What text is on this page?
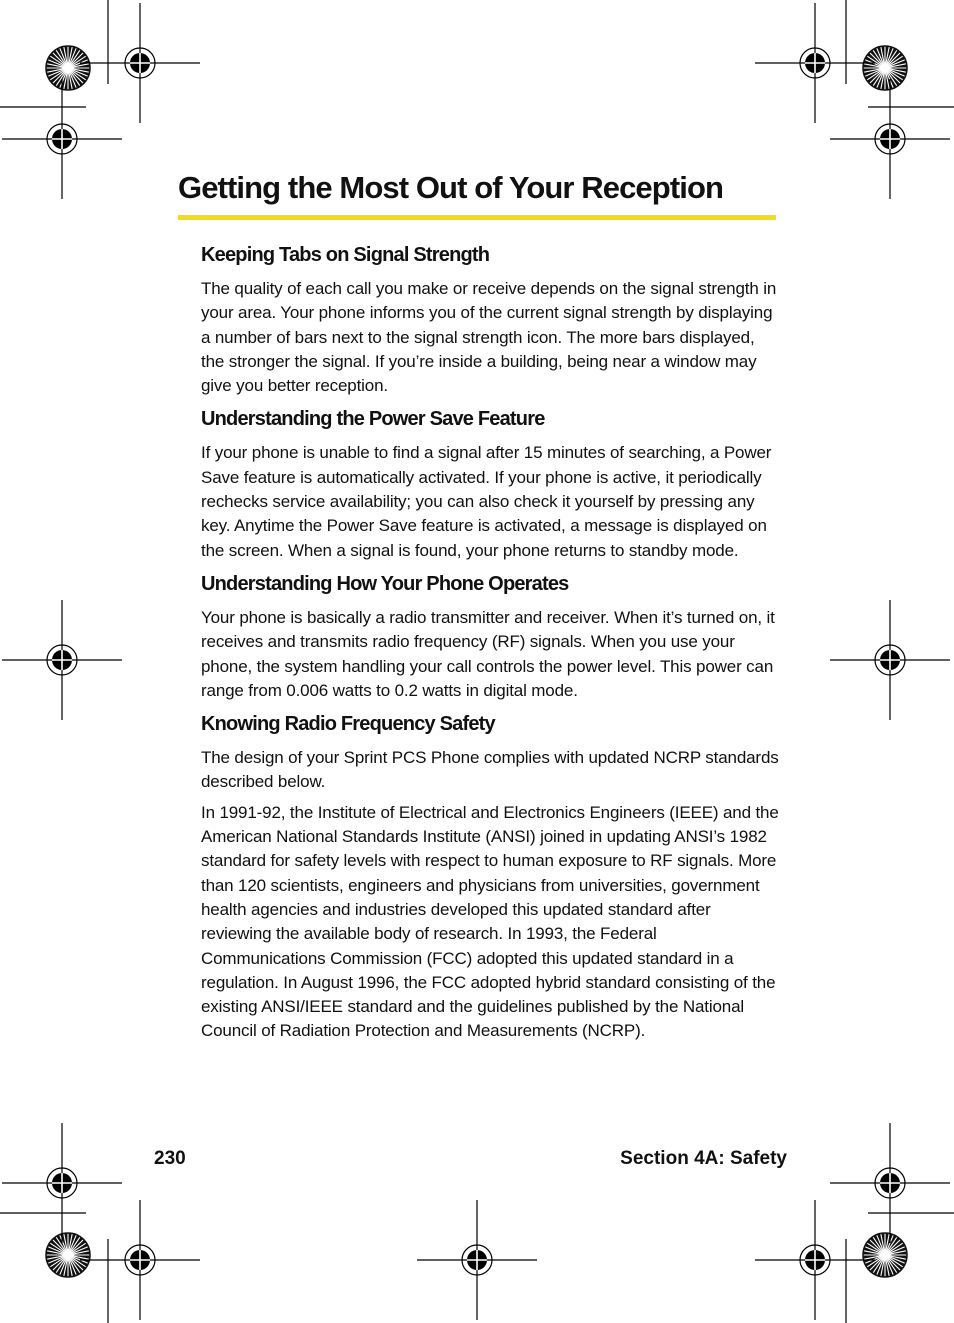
Getting the Most Out of Your Reception
Keeping Tabs on Signal Strength

The quality of each call you make or receive depends on the signal strength in your area. Your phone informs you of the current signal strength by displaying a number of bars next to the signal strength icon. The more bars displayed, the stronger the signal. If you’re inside a building, being near a window may give you better reception.

Understanding the Power Save Feature

If your phone is unable to find a signal after 15 minutes of searching, a Power Save feature is automatically activated. If your phone is active, it periodically rechecks service availability; you can also check it yourself by pressing any key. Anytime the Power Save feature is activated, a message is displayed on the screen. When a signal is found, your phone returns to standby mode.

Understanding How Your Phone Operates

Your phone is basically a radio transmitter and receiver. When it’s turned on, it receives and transmits radio frequency (RF) signals. When you use your phone, the system handling your call controls the power level. This power can range from 0.006 watts to 0.2 watts in digital mode.

Knowing Radio Frequency Safety

The design of your Sprint PCS Phone complies with updated NCRP standards described below.

In 1991-92, the Institute of Electrical and Electronics Engineers (IEEE) and the American National Standards Institute (ANSI) joined in updating ANSI’s 1982 standard for safety levels with respect to human exposure to RF signals. More than 120 scientists, engineers and physicians from universities, government health agencies and industries developed this updated standard after reviewing the available body of research. In 1993, the Federal Communications Commission (FCC) adopted this updated standard in a regulation. In August 1996, the FCC adopted hybrid standard consisting of the existing ANSI/IEEE standard and the guidelines published by the National Council of Radiation Protection and Measurements (NCRP).

230	Section 4A: Safety
